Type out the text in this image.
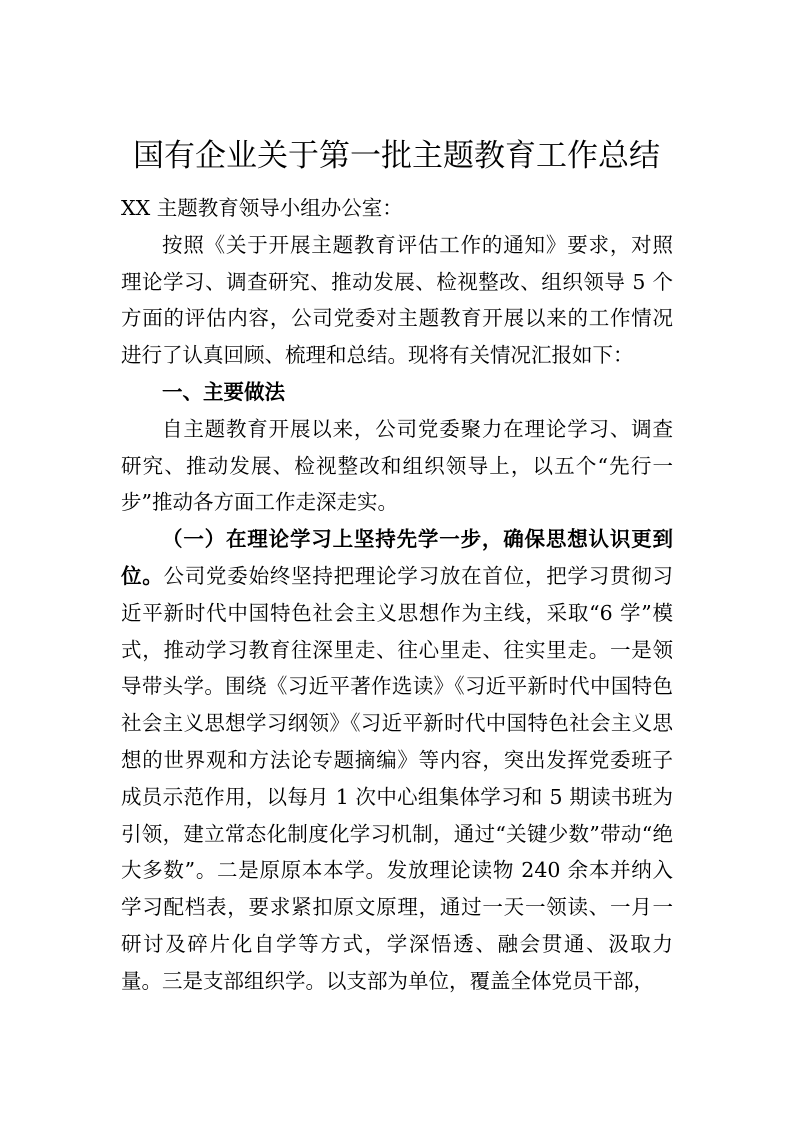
国有企业关于第一批主题教育工作总结

XX 主题教育领导小组办公室：

按照《关于开展主题教育评估工作的通知》要求，对照理论学习、调查研究、推动发展、检视整改、组织领导 5 个方面的评估内容，公司党委对主题教育开展以来的工作情况进行了认真回顾、梳理和总结。现将有关情况汇报如下：

一、主要做法

自主题教育开展以来，公司党委聚力在理论学习、调查研究、推动发展、检视整改和组织领导上，以五个“先行一步”推动各方面工作走深走实。

（一）在理论学习上坚持先学一步，确保思想认识更到位。公司党委始终坚持把理论学习放在首位，把学习贯彻习近平新时代中国特色社会主义思想作为主线，采取“6 学”模式，推动学习教育往深里走、往心里走、往实里走。一是领导带头学。围绕《习近平著作选读》《习近平新时代中国特色社会主义思想学习纲领》《习近平新时代中国特色社会主义思想的世界观和方法论专题摘编》等内容，突出发挥党委班子成员示范作用，以每月 1 次中心组集体学习和 5 期读书班为引领，建立常态化制度化学习机制，通过“关键少数”带动“绝大多数”。二是原原本本学。发放理论读物 240 余本并纳入学习配档表，要求紧扣原文原理，通过一天一领读、一月一研讨及碎片化自学等方式，学深悟透、融会贯通、汲取力量。三是支部组织学。以支部为单位，覆盖全体党员干部，
